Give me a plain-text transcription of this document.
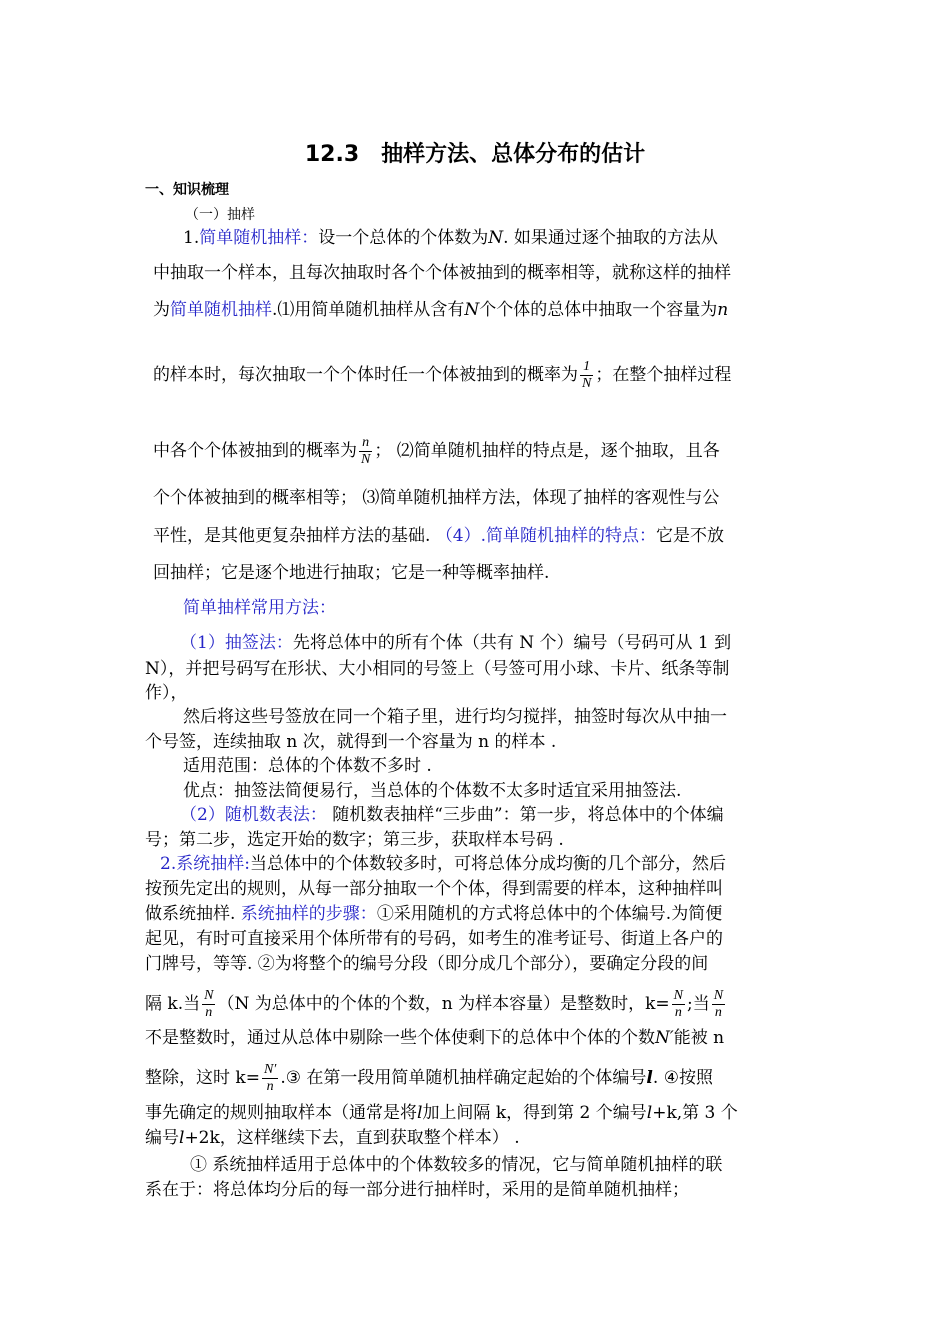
12.3　抽样方法、总体分布的估计
一、知识梳理
（一）抽样
1.简单随机抽样：设一个总体的个体数为N. 如果通过逐个抽取的方法从
中抽取一个样本，且每次抽取时各个个体被抽到的概率相等，就称这样的抽样
为简单随机抽样.⑴用简单随机抽样从含有N个个体的总体中抽取一个容量为n
的样本时，每次抽取一个个体时任一个体被抽到的概率为 $\frac{1}{N}$ ；在整个抽样过程
中各个个体被抽到的概率为 $\frac{n}{N}$ ； ⑵简单随机抽样的特点是，逐个抽取，且各
个个体被抽到的概率相等； ⑶简单随机抽样方法，体现了抽样的客观性与公
平性，是其他更复杂抽样方法的基础. （4）.简单随机抽样的特点：它是不放
回抽样；它是逐个地进行抽取；它是一种等概率抽样.
简单抽样常用方法：
（1）抽签法：先将总体中的所有个体（共有 N 个）编号（号码可从 1 到
N），并把号码写在形状、大小相同的号签上（号签可用小球、卡片、纸条等制
作），
然后将这些号签放在同一个箱子里，进行均匀搅拌，抽签时每次从中抽一
个号签，连续抽取 n 次，就得到一个容量为 n 的样本 .
适用范围：总体的个体数不多时 .
优点：抽签法简便易行，当总体的个体数不太多时适宜采用抽签法.
（2）随机数表法： 随机数表抽样“三步曲”：第一步，将总体中的个体编
号；第二步，选定开始的数字；第三步，获取样本号码 .
2.系统抽样:当总体中的个体数较多时，可将总体分成均衡的几个部分，然后
按预先定出的规则，从每一部分抽取一个个体，得到需要的样本，这种抽样叫
做系统抽样. 系统抽样的步骤：①采用随机的方式将总体中的个体编号.为简便
起见，有时可直接采用个体所带有的号码，如考生的准考证号、街道上各户的
门牌号，等等. ②为将整个的编号分段（即分成几个部分），要确定分段的间
隔 k.当 $\frac{N}{n} (N$ 为总体中的个体的个数，n 为样本容量）是整数时，$k= \frac{N}{n}$ ;当 $\frac{N}{n}$
不是整数时，通过从总体中剔除一些个体使剩下的总体中个体的个数N′能被 n
整除，这时 $k= \frac{N'}{n}$ .③ 在第一段用简单随机抽样确定起始的个体编号l. ④按照
事先确定的规则抽取样本（通常是将l加上间隔 k，得到第 2 个编号l+k,第 3 个
编号l+2k，这样继续下去，直到获取整个样本） .
① 系统抽样适用于总体中的个体数较多的情况，它与简单随机抽样的联
系在于：将总体均分后的每一部分进行抽样时，采用的是简单随机抽样；
